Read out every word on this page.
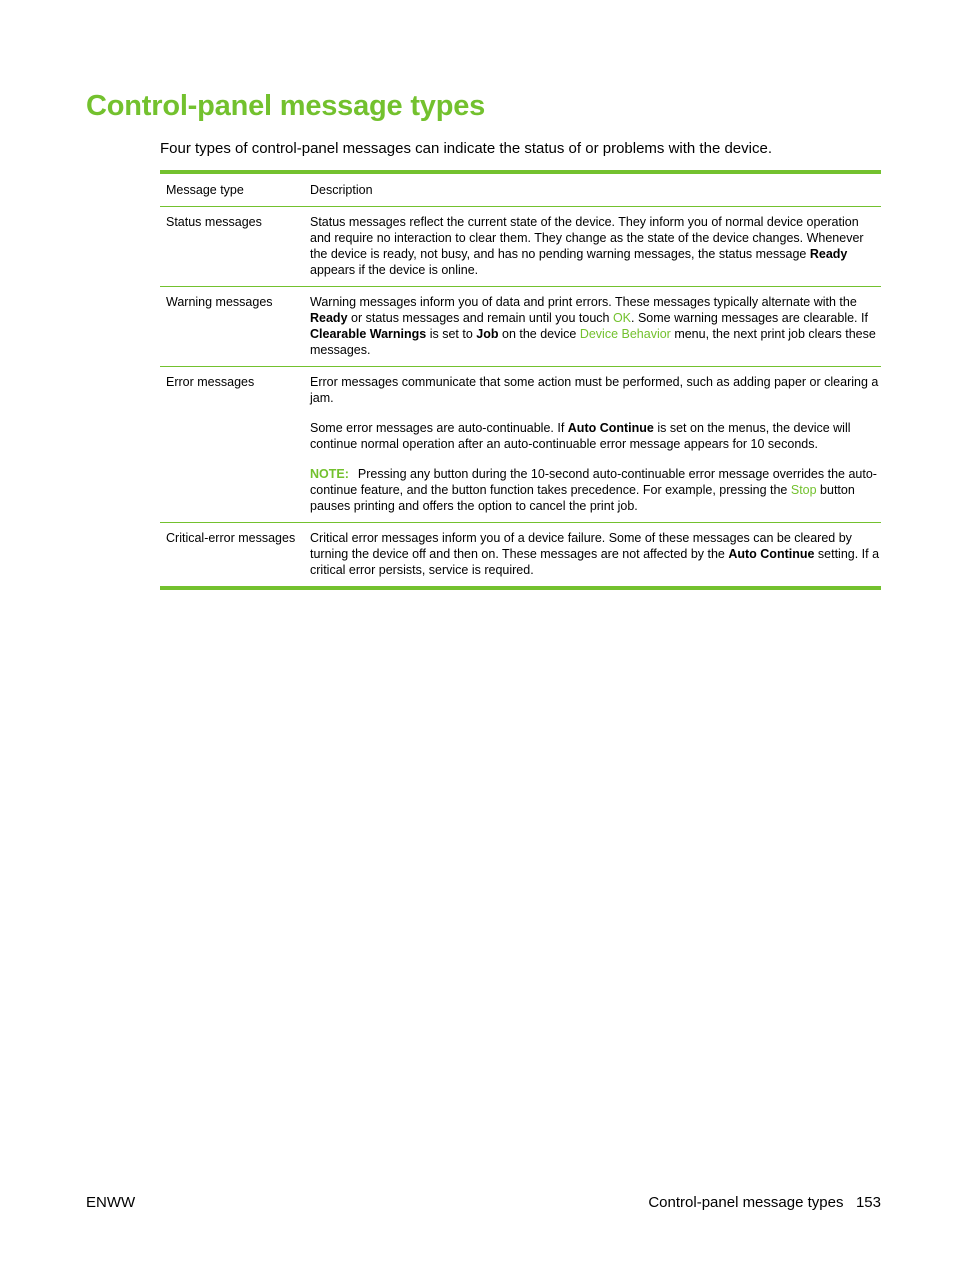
Control-panel message types

Four types of control-panel messages can indicate the status of or problems with the device.

Message type	Description
Status messages	Status messages reflect the current state of the device. They inform you of normal device operation and require no interaction to clear them. They change as the state of the device changes. Whenever the device is ready, not busy, and has no pending warning messages, the status message Ready appears if the device is online.

Warning messages	Warning messages inform you of data and print errors. These messages typically alternate with the Ready or status messages and remain until you touch OK. Some warning messages are clearable. If Clearable Warnings is set to Job on the device Device Behavior menu, the next print job clears these messages.

Error messages	Error messages communicate that some action must be performed, such as adding paper or clearing a jam.

Some error messages are auto-continuable. If Auto Continue is set on the menus, the device will continue normal operation after an auto-continuable error message appears for 10 seconds.

NOTE: Pressing any button during the 10-second auto-continuable error message overrides the auto-continue feature, and the button function takes precedence. For example, pressing the Stop button pauses printing and offers the option to cancel the print job.

Critical-error messages	Critical error messages inform you of a device failure. Some of these messages can be cleared by turning the device off and then on. These messages are not affected by the Auto Continue setting. If a critical error persists, service is required.

ENWW	Control-panel message types 153
